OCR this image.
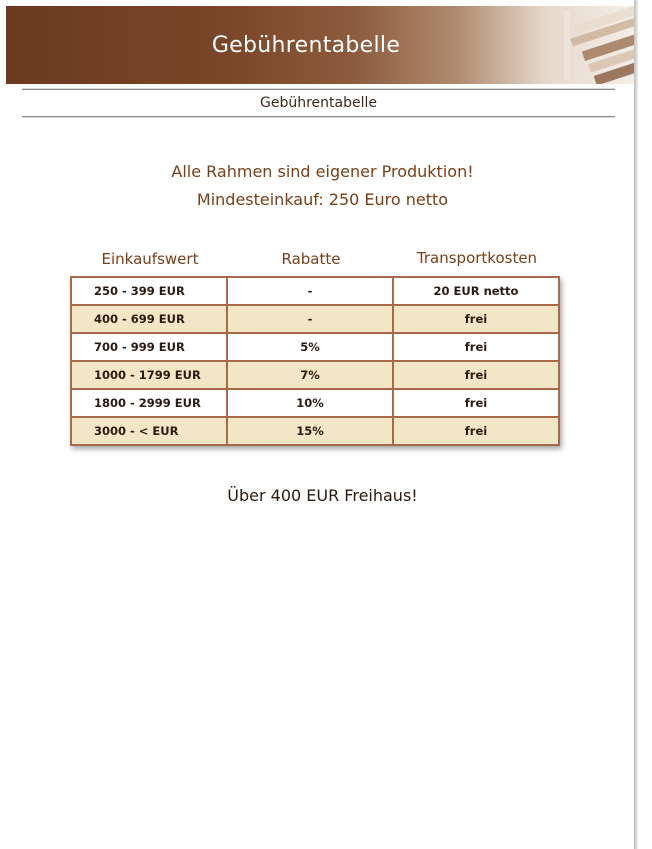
Gebührentabelle
Gebührentabelle
Alle Rahmen sind eigener Produktion!
Mindesteinkauf: 250 Euro netto
Einkaufswert	Rabatte	Transportkosten
250 - 399 EUR	-	20 EUR netto
400 - 699 EUR	-	frei
700 - 999 EUR	5%	frei
1000 - 1799 EUR	7%	frei
1800 - 2999 EUR	10%	frei
3000 - < EUR	15%	frei
Über 400 EUR Freihaus!
